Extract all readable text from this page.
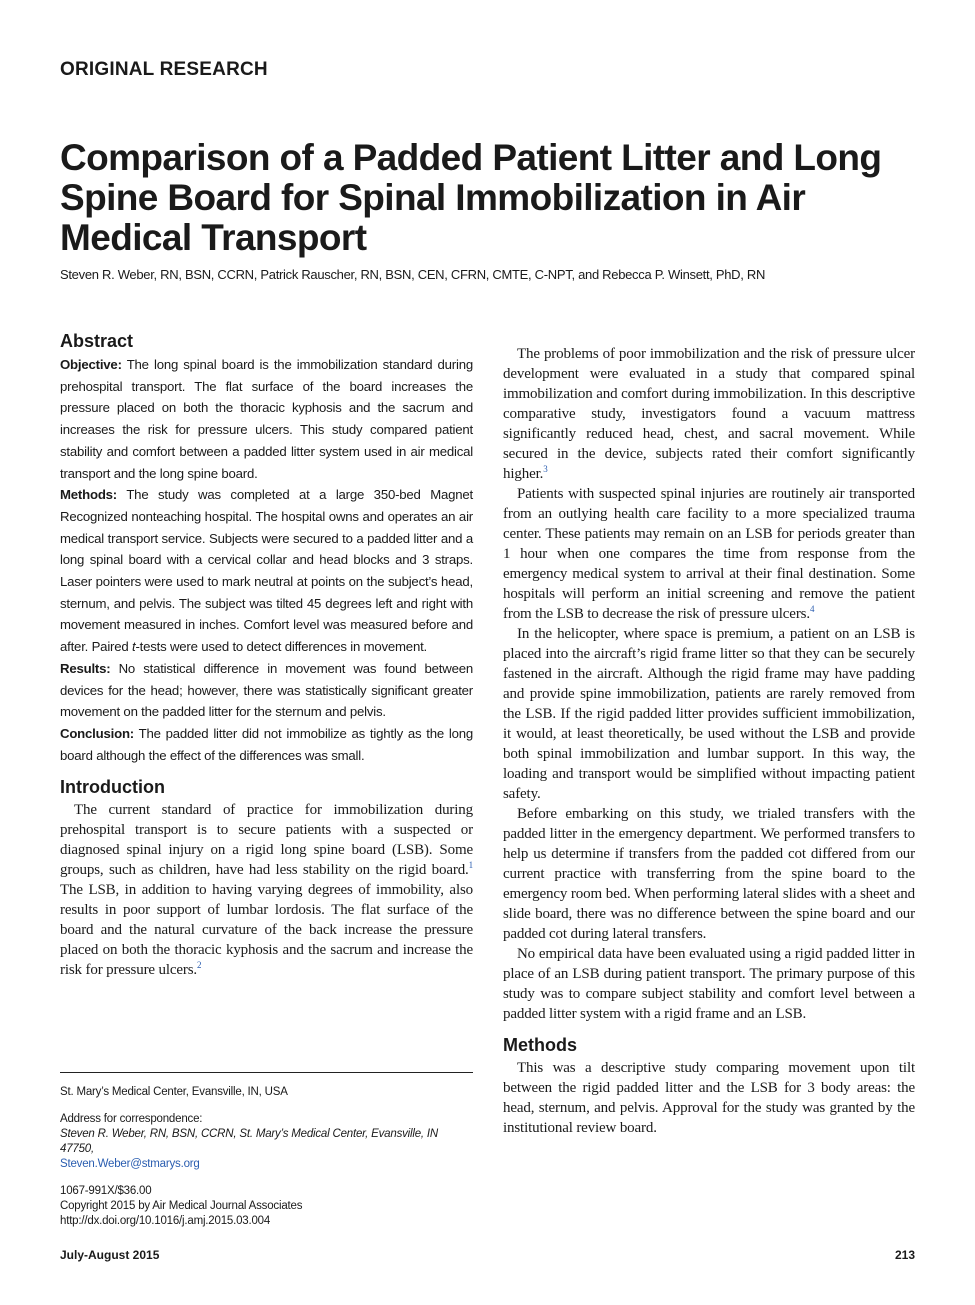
ORIGINAL RESEARCH
Comparison of a Padded Patient Litter and Long Spine Board for Spinal Immobilization in Air Medical Transport
Steven R. Weber, RN, BSN, CCRN, Patrick Rauscher, RN, BSN, CEN, CFRN, CMTE, C-NPT, and Rebecca P. Winsett, PhD, RN
Abstract

Objective: The long spinal board is the immobilization standard during prehospital transport. The flat surface of the board increases the pressure placed on both the thoracic kyphosis and the sacrum and increases the risk for pressure ulcers. This study compared patient stability and comfort between a padded litter system used in air medical transport and the long spine board.

Methods: The study was completed at a large 350-bed Magnet Recognized nonteaching hospital. The hospital owns and operates an air medical transport service. Subjects were secured to a padded litter and a long spinal board with a cervical collar and head blocks and 3 straps. Laser pointers were used to mark neutral at points on the subject’s head, sternum, and pelvis. The subject was tilted 45 degrees left and right with movement measured in inches. Comfort level was measured before and after. Paired t-tests were used to detect differences in movement.

Results: No statistical difference in movement was found between devices for the head; however, there was statistically significant greater movement on the padded litter for the sternum and pelvis.

Conclusion: The padded litter did not immobilize as tightly as the long board although the effect of the differences was small.

Introduction

The current standard of practice for immobilization during prehospital transport is to secure patients with a suspected or diagnosed spinal injury on a rigid long spine board (LSB). Some groups, such as children, have had less stability on the rigid board.$^1$ The LSB, in addition to having varying degrees of immobility, also results in poor support of lumbar lordosis. The flat surface of the board and the natural curvature of the back increase the pressure placed on both the thoracic kyphosis and the sacrum and increase the risk for pressure ulcers.$^2$

St. Mary’s Medical Center, Evansville, IN, USA

Address for correspondence:

Steven R. Weber, RN, BSN, CCRN, St. Mary’s Medical Center, Evansville, IN 47750,

Steven.Weber@stmarys.org

1067-991X/$36.00

Copyright 2015 by Air Medical Journal Associates

http://dx.doi.org/10.1016/j.amj.2015.03.004

The problems of poor immobilization and the risk of pressure ulcer development were evaluated in a study that compared spinal immobilization and comfort during immobilization. In this descriptive comparative study, investigators found a vacuum mattress significantly reduced head, chest, and sacral movement. While secured in the device, subjects rated their comfort significantly higher.$^3$

Patients with suspected spinal injuries are routinely air transported from an outlying health care facility to a more specialized trauma center. These patients may remain on an LSB for periods greater than 1 hour when one compares the time from response from the emergency medical system to arrival at their final destination. Some hospitals will perform an initial screening and remove the patient from the LSB to decrease the risk of pressure ulcers.$^4$

In the helicopter, where space is premium, a patient on an LSB is placed into the aircraft’s rigid frame litter so that they can be securely fastened in the aircraft. Although the rigid frame may have padding and provide spine immobilization, patients are rarely removed from the LSB. If the rigid padded litter provides sufficient immobilization, it would, at least theoretically, be used without the LSB and provide both spinal immobilization and lumbar support. In this way, the loading and transport would be simplified without impacting patient safety.

Before embarking on this study, we trialed transfers with the padded litter in the emergency department. We performed transfers to help us determine if transfers from the padded cot differed from our current practice with transferring from the spine board to the emergency room bed. When performing lateral slides with a sheet and slide board, there was no difference between the spine board and our padded cot during lateral transfers.

No empirical data have been evaluated using a rigid padded litter in place of an LSB during patient transport. The primary purpose of this study was to compare subject stability and comfort level between a padded litter system with a rigid frame and an LSB.

Methods

This was a descriptive study comparing movement upon tilt between the rigid padded litter and the LSB for 3 body areas: the head, sternum, and pelvis. Approval for the study was granted by the institutional review board.

July-August 2015	213
